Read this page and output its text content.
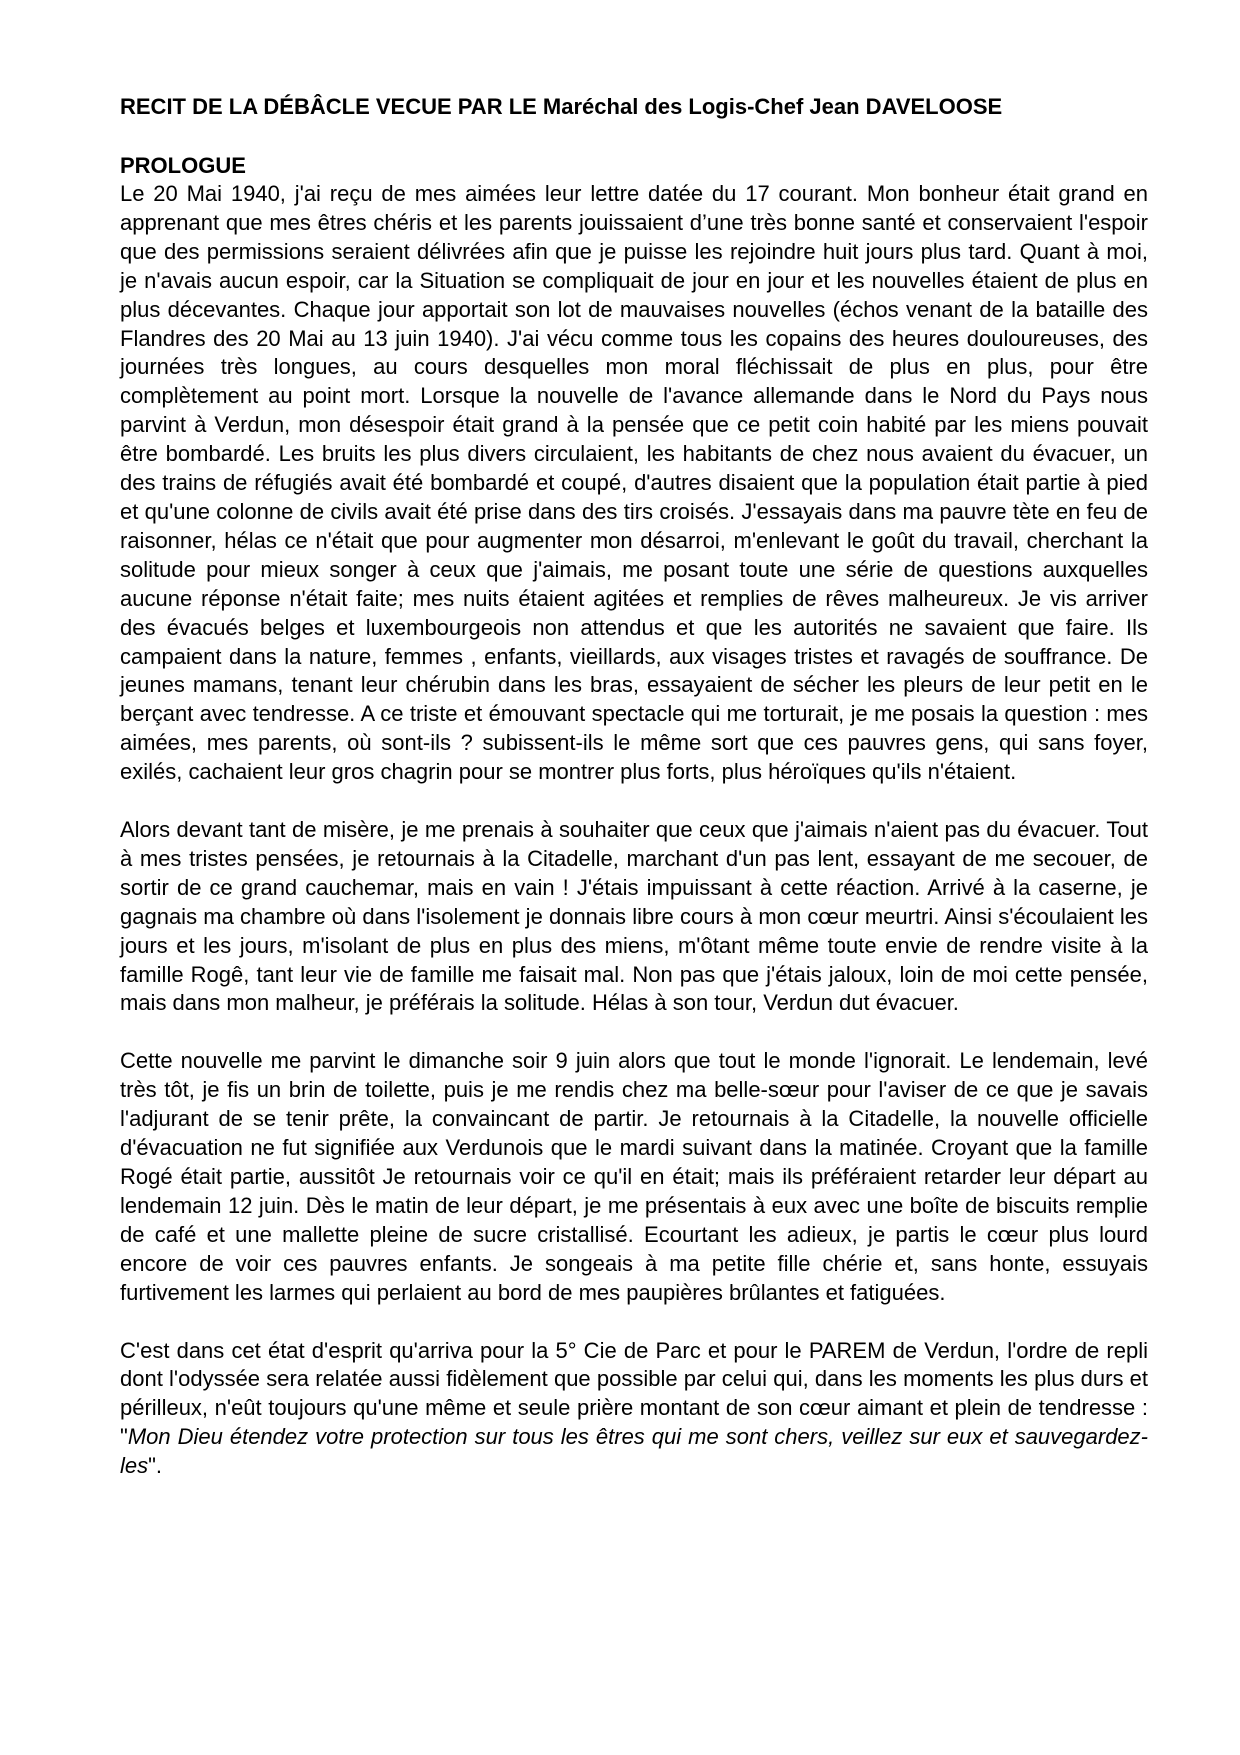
RECIT DE LA DÉBÂCLE VECUE PAR LE Maréchal des Logis-Chef Jean DAVELOOSE

PROLOGUE

Le 20 Mai 1940, j'ai reçu de mes aimées leur lettre datée du 17 courant. Mon bonheur était grand en apprenant que mes êtres chéris et les parents jouissaient d’une très bonne santé et conservaient l'espoir que des permissions seraient délivrées afin que je puisse les rejoindre huit jours plus tard. Quant à moi, je n'avais aucun espoir, car la Situation se compliquait de jour en jour et les nouvelles étaient de plus en plus décevantes. Chaque jour apportait son lot de mauvaises nouvelles (échos venant de la bataille des Flandres des 20 Mai au 13 juin 1940). J'ai vécu comme tous les copains des heures douloureuses, des journées très longues, au cours desquelles mon moral fléchissait de plus en plus, pour être complètement au point mort. Lorsque la nouvelle de l'avance allemande dans le Nord du Pays nous parvint à Verdun, mon désespoir était grand à la pensée que ce petit coin habité par les miens pouvait être bombardé. Les bruits les plus divers circulaient, les habitants de chez nous avaient du évacuer, un des trains de réfugiés avait été bombardé et coupé, d'autres disaient que la population était partie à pied et qu'une colonne de civils avait été prise dans des tirs croisés. J'essayais dans ma pauvre tète en feu de raisonner, hélas ce n'était que pour augmenter mon désarroi, m'enlevant le goût du travail, cherchant la solitude pour mieux songer à ceux que j'aimais, me posant toute une série de questions auxquelles aucune réponse n'était faite; mes nuits étaient agitées et remplies de rêves malheureux. Je vis arriver des évacués belges et luxembourgeois non attendus et que les autorités ne savaient que faire. Ils campaient dans la nature, femmes , enfants, vieillards, aux visages tristes et ravagés de souffrance. De jeunes mamans, tenant leur chérubin dans les bras, essayaient de sécher les pleurs de leur petit en le berçant avec tendresse. A ce triste et émouvant spectacle qui me torturait, je me posais la question : mes aimées, mes parents, où sont-ils ? subissent-ils le même sort que ces pauvres gens, qui sans foyer, exilés, cachaient leur gros chagrin pour se montrer plus forts, plus héroïques qu'ils n'étaient.

Alors devant tant de misère, je me prenais à souhaiter que ceux que j'aimais n'aient pas du évacuer. Tout à mes tristes pensées, je retournais à la Citadelle, marchant d'un pas lent, essayant de me secouer, de sortir de ce grand cauchemar, mais en vain ! J'étais impuissant à cette réaction. Arrivé à la caserne, je gagnais ma chambre où dans l'isolement je donnais libre cours à mon cœur meurtri. Ainsi s'écoulaient les jours et les jours, m'isolant de plus en plus des miens, m'ôtant même toute envie de rendre visite à la famille Rogê, tant leur vie de famille me faisait mal. Non pas que j'étais jaloux, loin de moi cette pensée, mais dans mon malheur, je préférais la solitude. Hélas à son tour, Verdun dut évacuer.

Cette nouvelle me parvint le dimanche soir 9 juin alors que tout le monde l'ignorait. Le lendemain, levé très tôt, je fis un brin de toilette, puis je me rendis chez ma belle-sœur pour l'aviser de ce que je savais l'adjurant de se tenir prête, la convaincant de partir. Je retournais à la Citadelle, la nouvelle officielle d'évacuation ne fut signifiée aux Verdunois que le mardi suivant dans la matinée. Croyant que la famille Rogé était partie, aussitôt Je retournais voir ce qu'il en était; mais ils préféraient retarder leur départ au lendemain 12 juin. Dès le matin de leur départ, je me présentais à eux avec une boîte de biscuits remplie de café et une mallette pleine de sucre cristallisé. Ecourtant les adieux, je partis le cœur plus lourd encore de voir ces pauvres enfants. Je songeais à ma petite fille chérie et, sans honte, essuyais furtivement les larmes qui perlaient au bord de mes paupières brûlantes et fatiguées.

C'est dans cet état d'esprit qu'arriva pour la 5° Cie de Parc et pour le PAREM de Verdun, l'ordre de repli dont l'odyssée sera relatée aussi fidèlement que possible par celui qui, dans les moments les plus durs et périlleux, n'eût toujours qu'une même et seule prière montant de son cœur aimant et plein de tendresse : "Mon Dieu étendez votre protection sur tous les êtres qui me sont chers, veillez sur eux et sauvegardez-les".
